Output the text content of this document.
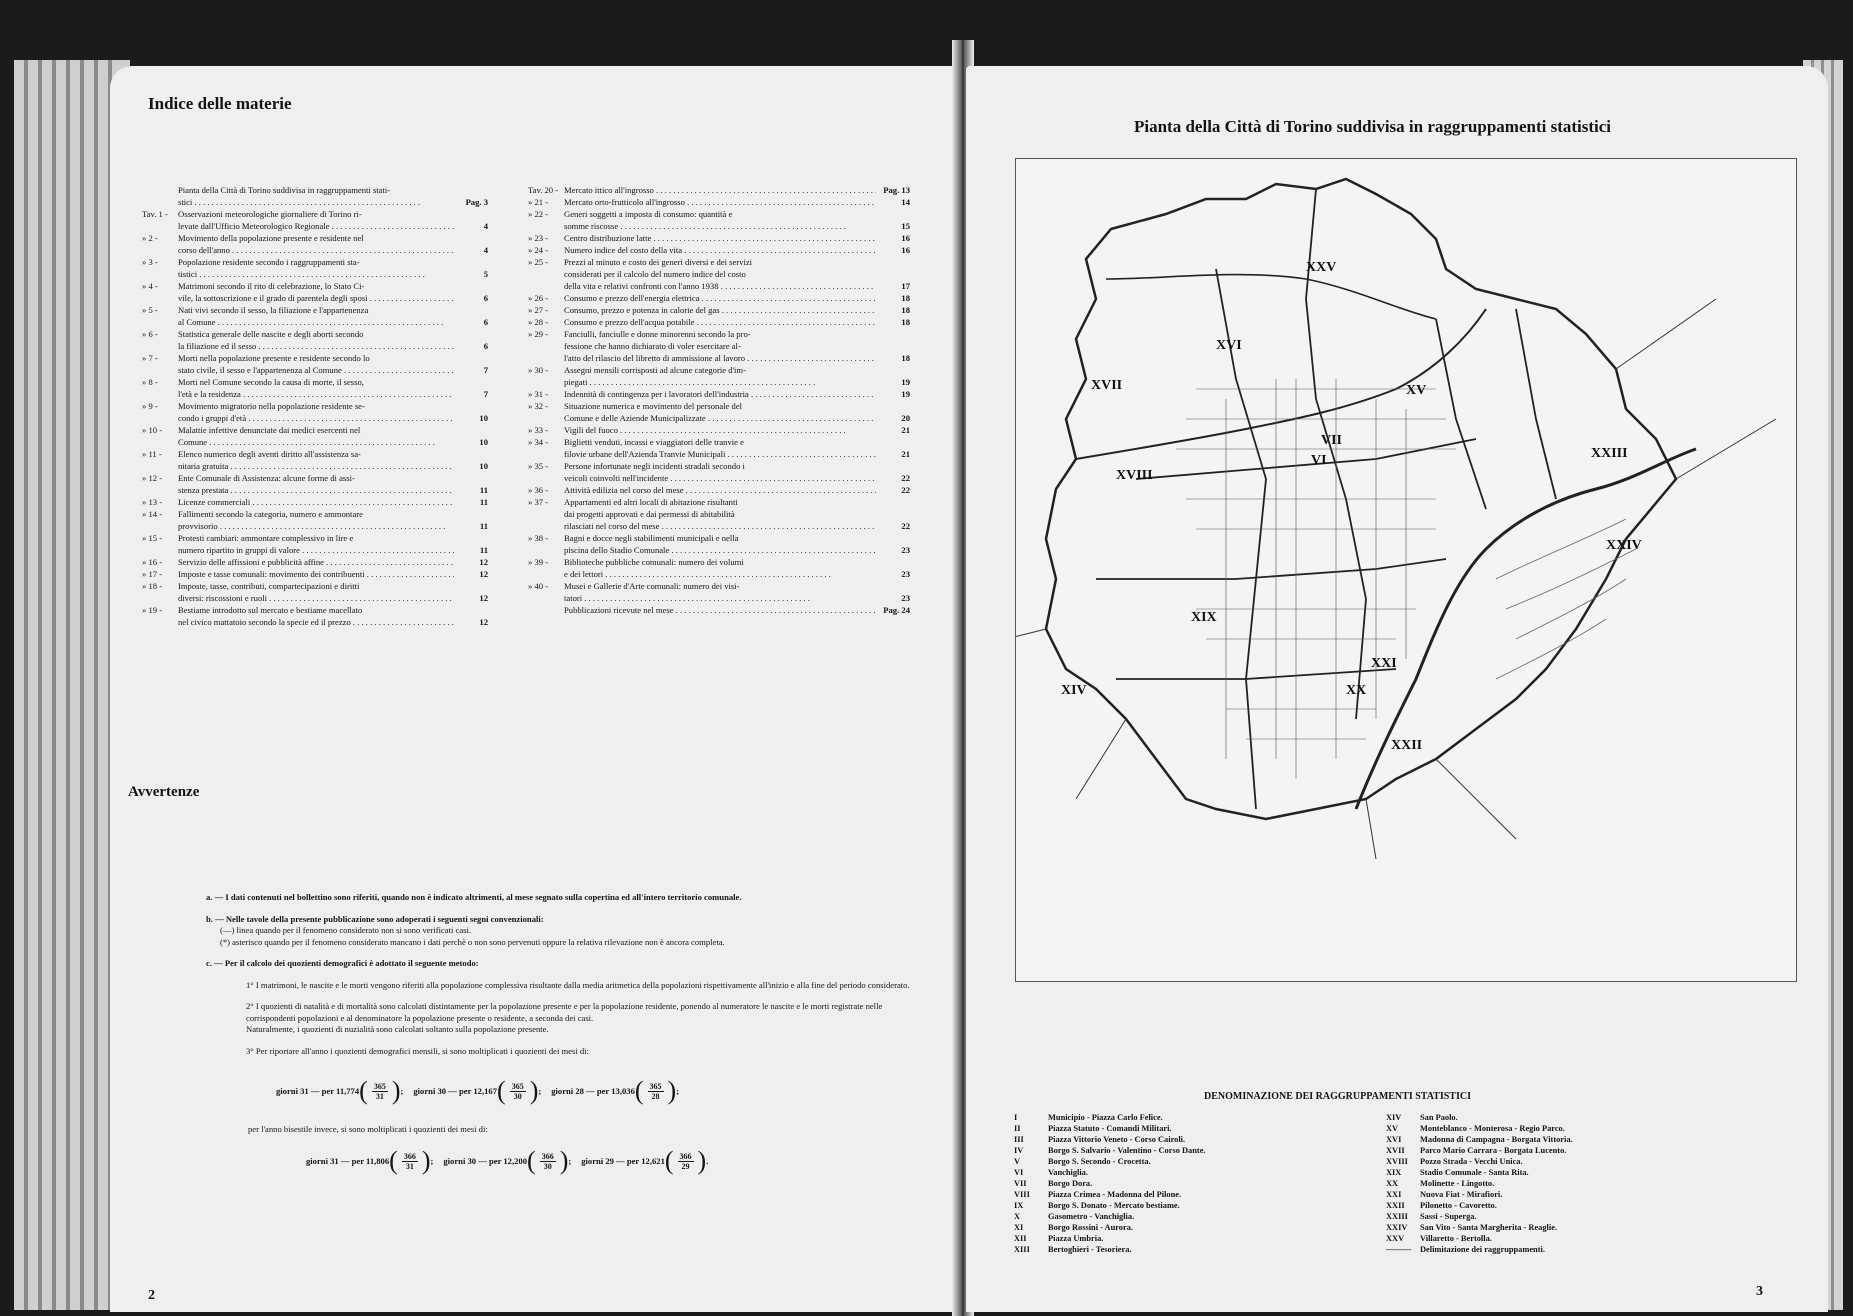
Indice delle materie
Pianta della Città di Torino suddivisa in raggruppamenti stati-
stici . . .	Pag. 3
Tav. 1 -	Osservazioni meteorologiche giornaliere di Torino ri-
levate dall'Ufficio Meteorologico Regionale . . .	4
» 2 -	Movimento della popolazione presente e residente nel
corso dell'anno . . .	4
» 3 -	Popolazione residente secondo i raggruppamenti sta-
tistici . . .	5
» 4 -	Matrimoni secondo il rito di celebrazione, lo Stato Ci-
vile, la sottoscrizione e il grado di parentela degli sposi . . .	6
» 5 -	Nati vivi secondo il sesso, la filiazione e l'appartenenza
al Comune . . .	6
» 6 -	Statistica generale delle nascite e degli aborti secondo
la filiazione ed il sesso . . .	6
» 7 -	Morti nella popolazione presente e residente secondo lo
stato civile, il sesso e l'appartenenza al Comune . . .	7
» 8 -	Morti nel Comune secondo la causa di morte, il sesso,
l'età e la residenza . . .	7
» 9 -	Movimento migratorio nella popolazione residente se-
condo i gruppi d'età . . .	10
» 10 -	Malattie infettive denunciate dai medici esercenti nel
Comune . . .	10
» 11 -	Elenco numerico degli aventi diritto all'assistenza sa-
nitaria gratuita . . .	10
» 12 -	Ente Comunale di Assistenza: alcune forme di assi-
stenza prestata . . .	11
» 13 -	Licenze commerciali . . .	11
» 14 -	Fallimenti secondo la categoria, numero e ammontare
provvisorio . . .	11
» 15 -	Protesti cambiari: ammontare complessivo in lire e
numero ripartito in gruppi di valore . . .	11
» 16 -	Servizio delle affissioni e pubblicità affine . . .	12
» 17 -	Imposte e tasse comunali: movimento dei contribuenti . . .	12
» 18 -	Imposte, tasse, contributi, compartecipazioni e diritti
diversi: riscossioni e ruoli . . .	12
» 19 -	Bestiame introdotto sul mercato e bestiame macellato
nel civico mattatoio secondo la specie ed il prezzo . . .	12
Tav. 20 - Mercato ittico all'ingrosso . . .	Pag. 13
» 21 -	Mercato orto-frutticolo all'ingrosso . . .	14
» 22 -	Generi soggetti a imposta di consumo: quantità e
somme riscosse . . .	15
» 23 -	Centro distribuzione latte . . .	16
» 24 -	Numero indice del costo della vita . . .	16
» 25 -	Prezzi al minuto e costo dei generi diversi e dei servizi
considerati per il calcolo del numero indice del costo
della vita e relativi confronti con l'anno 1938 . . .	17
» 26 -	Consumo e prezzo dell'energia elettrica . . .	18
» 27 -	Consumo, prezzo e potenza in calorie del gas . . .	18
» 28 -	Consumo e prezzo dell'acqua potabile . . .	18
» 29 -	Fanciulli, fanciulle e donne minorenni secondo la pro-
fessione che hanno dichiarato di voler esercitare al-
l'atto del rilascio del libretto di ammissione al lavoro . . .	18
» 30 -	Assegni mensili corrisposti ad alcune categorie d'im-
piegati . . .	19
» 31 -	Indennità di contingenza per i lavoratori dell'industria . . .	19
» 32 -	Situazione numerica e movimento del personale del
Comune e delle Aziende Municipalizzate . . .	20
» 33 -	Vigili del fuoco . . .	21
» 34 -	Biglietti venduti, incassi e viaggiatori delle tranvie e
filovie urbane dell'Azienda Tranvie Municipali . . .	21
» 35 -	Persone infortunate negli incidenti stradali secondo i
veicoli coinvolti nell'incidente . . .	22
» 36 -	Attività edilizia nel corso del mese . . .	22
» 37 -	Appartamenti ed altri locali di abitazione risultanti
dai progetti approvati e dai permessi di abitabilità
rilasciati nel corso del mese . . .	22
» 38 -	Bagni e docce negli stabilimenti municipali e nella
piscina dello Stadio Comunale . . .	23
» 39 -	Biblioteche pubbliche comunali: numero dei volumi
e dei lettori . . .	23
» 40 -	Musei e Gallerie d'Arte comunali: numero dei visi-
tatori . . .	23
Pubblicazioni ricevute nel mese . . .	Pag. 24
Avvertenze

a. — I dati contenuti nel bollettino sono riferiti, quando non è indicato altrimenti, al mese segnato sulla copertina ed all'intero territorio comunale.

b. — Nelle tavole della presente pubblicazione sono adoperati i seguenti segni convenzionali:

(—) linea quando per il fenomeno considerato non si sono verificati casi.

(*) asterisco quando per il fenomeno considerato mancano i dati perchè o non sono pervenuti oppure la relativa rilevazione non è ancora completa.

c. — Per il calcolo dei quozienti demografici è adottato il seguente metodo:

1° I matrimoni, le nascite e le morti vengono riferiti alla popolazione complessiva risultante dalla media aritmetica della popolazioni rispettivamente all'inizio e alla fine del periodo considerato.

2° I quozienti di natalità e di mortalità sono calcolati distintamente per la popolazione presente e per la popolazione residente, ponendo al numeratore le nascite e le morti registrate nelle corrispondenti popolazioni e al denominatore la popolazione presente o residente, a seconda dei casi.

Naturalmente, i quozienti di nuzialità sono calcolati soltanto sulla popolazione presente.

3° Per riportare all'anno i quozienti demografici mensili, si sono moltiplicati i quozienti dei mesi di:

giorni 31 — per 11,774 ( $\frac{365}{31}$ ) ; giorni 30 — per 12,167 ( $\frac{365}{30}$ ) ; giorni 28 — per 13,036 ( $\frac{365}{28}$ ) ;
per l'anno bisestile invece, si sono moltiplicati i quozienti dei mesi di:
giorni 31 — per 11,806 ( $\frac{366}{31}$ ) ; giorni 30 — per 12,200 ( $\frac{366}{30}$ ) ; giorni 29 — per 12,621 ( $\frac{366}{29}$ ) .
2
Pianta della Città di Torino suddivisa in raggruppamenti statistici
DENOMINAZIONE DEI RAGGRUPPAMENTI STATISTICI
I	Municipio - Piazza Carlo Felice.
II	Piazza Statuto - Comandi Militari.
III	Piazza Vittorio Veneto - Corso Cairoli.
IV	Borgo S. Salvario - Valentino - Corso Dante.
V	Borgo S. Secondo - Crocetta.
VI	Vanchiglia.
VII	Borgo Dora.
VIII	Piazza Crimea - Madonna del Pilone.
IX	Borgo S. Donato - Mercato bestiame.
X	Gasometro - Vanchiglia.
XI	Borgo Rossini - Aurora.
XII	Piazza Umbria.
XIII	Bertoghieri - Tesoriera.
XIV	San Paolo.
XV	Monteblanco - Monterosa - Regio Parco.
XVI	Madonna di Campagna - Borgata Vittoria.
XVII	Parco Mario Carrara - Borgata Lucento.
XVIII	Pozzo Strada - Vecchi Unica.
XIX	Stadio Comunale - Santa Rita.
XX	Molinette - Lingotto.
XXI	Nuova Fiat - Mirafiori.
XXII	Pilonetto - Cavoretto.
XXIII	Sassi - Superga.
XXIV	San Vito - Santa Margherita - Reaglie.
XXV	Villaretto - Bertolla.
———	Delimitazione dei raggruppamenti.
3
XXV
XVI
XVII	XV
XXIII
XVIII
XXIV
XIX
XXI
XX
XXII
XIV
VII
VI
